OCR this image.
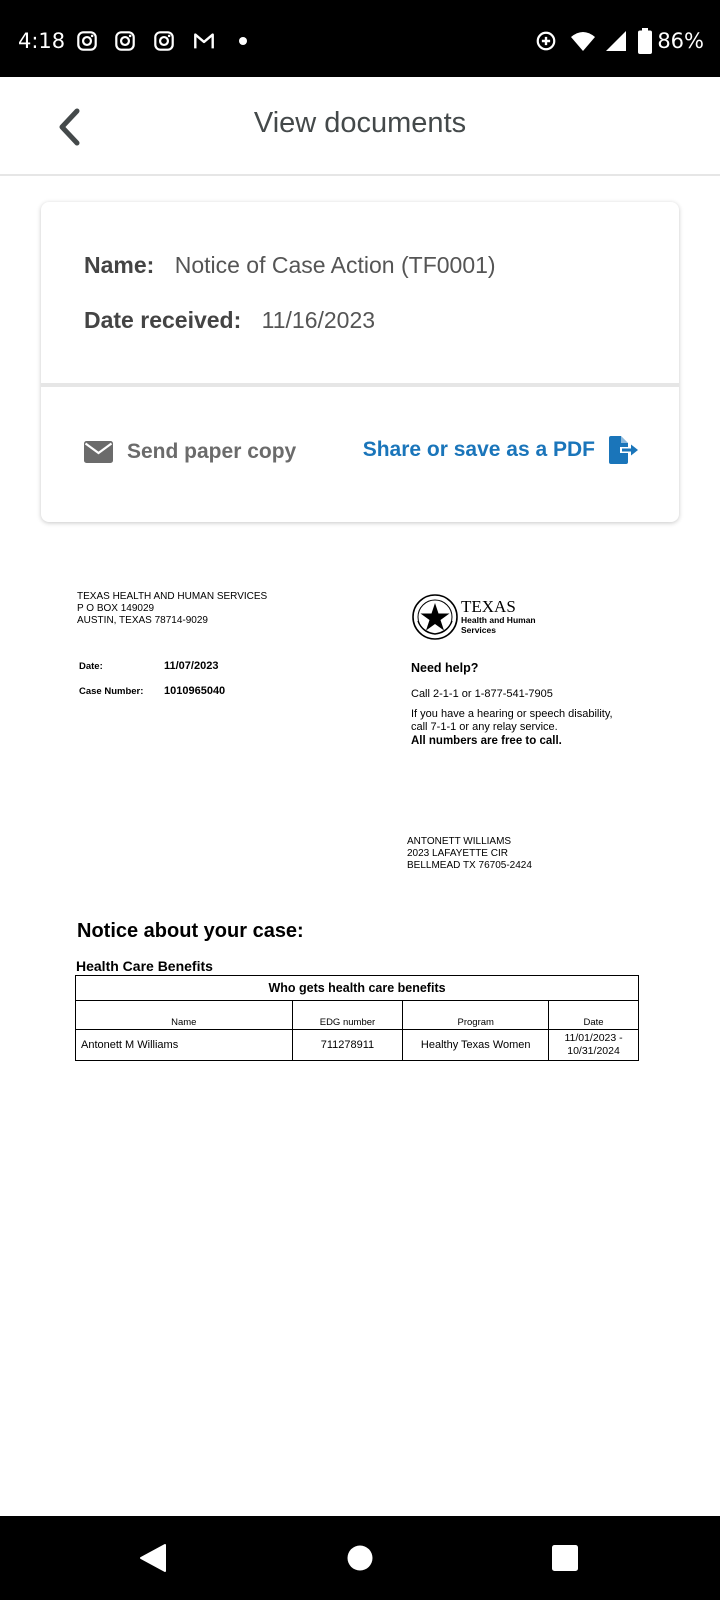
4:18	86%
View documents
Name: Notice of Case Action (TF0001)
Date received: 11/16/2023
Send paper copy	Share or save as a PDF
TEXAS HEALTH AND HUMAN SERVICES
P O BOX 149029
AUSTIN, TEXAS 78714-9029
Date:	11/07/2023
Case Number: 1010965040
TEXAS
Health and Human
Services
Need help?
Call 2-1-1 or 1-877-541-7905
If you have a hearing or speech disability,
call 7-1-1 or any relay service.
All numbers are free to call.
ANTONETT WILLIAMS
2023 LAFAYETTE CIR
BELLMEAD TX 76705-2424
Notice about your case:
Health Care Benefits
Who gets health care benefits			
Name	EDG number	Program	Date
Antonett M Williams	711278911	Healthy Texas Women	11/01/2023 -
10/31/2024
